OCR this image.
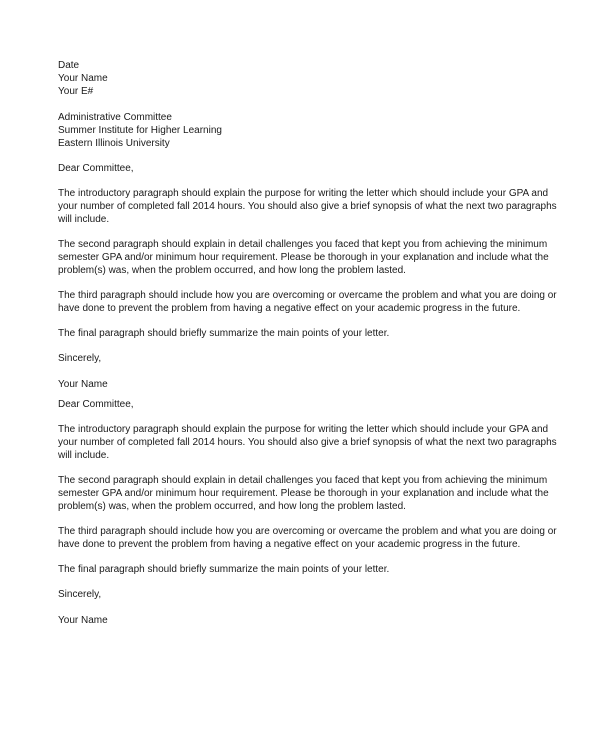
Date
Your Name
Your E#
Administrative Committee
Summer Institute for Higher Learning
Eastern Illinois University
Dear Committee,
The introductory paragraph should explain the purpose for writing the letter which should include your GPA and
your number of completed fall 2014 hours. You should also give a brief synopsis of what the next two paragraphs
will include.
The second paragraph should explain in detail challenges you faced that kept you from achieving the minimum
semester GPA and/or minimum hour requirement. Please be thorough in your explanation and include what the
problem(s) was, when the problem occurred, and how long the problem lasted.
The third paragraph should include how you are overcoming or overcame the problem and what you are doing or
have done to prevent the problem from having a negative effect on your academic progress in the future.
The final paragraph should briefly summarize the main points of your letter.
Sincerely,
Your Name
Dear Committee,
The introductory paragraph should explain the purpose for writing the letter which should include your GPA and
your number of completed fall 2014 hours. You should also give a brief synopsis of what the next two paragraphs
will include.
The second paragraph should explain in detail challenges you faced that kept you from achieving the minimum
semester GPA and/or minimum hour requirement. Please be thorough in your explanation and include what the
problem(s) was, when the problem occurred, and how long the problem lasted.
The third paragraph should include how you are overcoming or overcame the problem and what you are doing or
have done to prevent the problem from having a negative effect on your academic progress in the future.
The final paragraph should briefly summarize the main points of your letter.
Sincerely,
Your Name
